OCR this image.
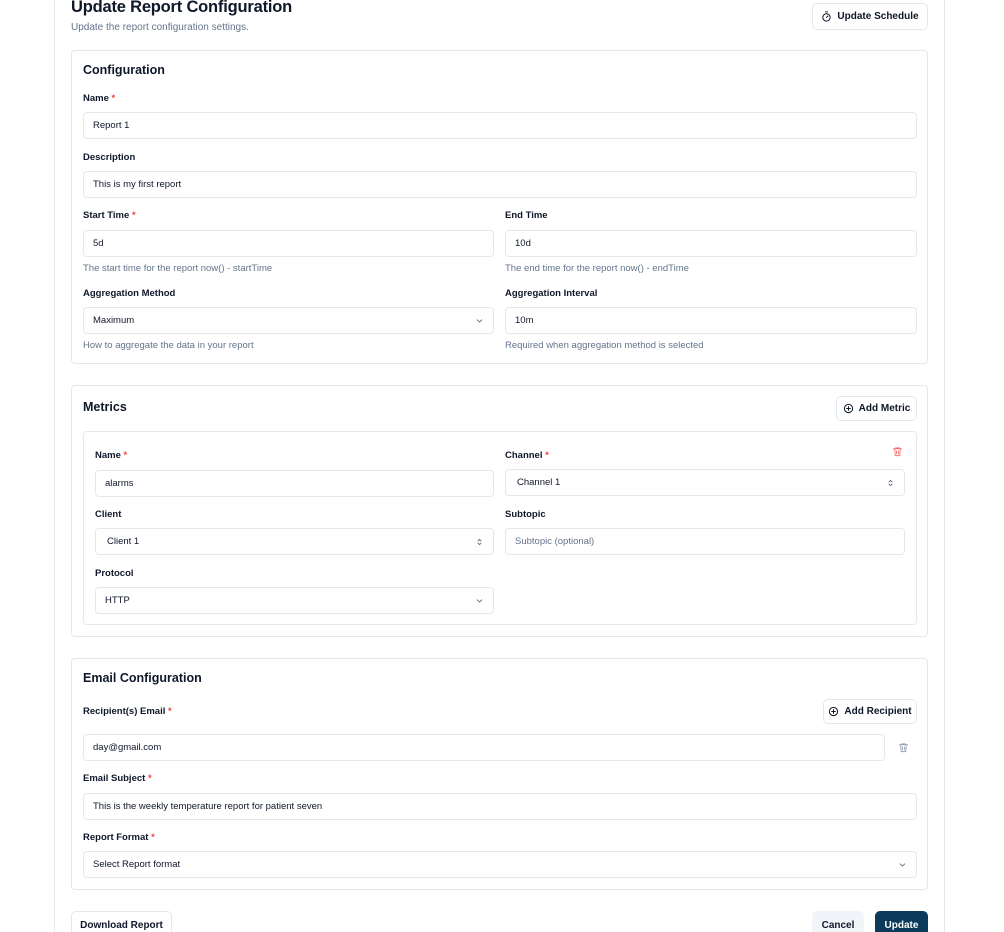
Update Report Configuration
Update the report configuration settings.
Update Schedule
Configuration
Name *
Report 1
Description
This is my first report
Start Time *
5d
The start time for the report now() - startTime
End Time
10d
The end time for the report now() - endTime
Aggregation Method
Maximum
How to aggregate the data in your report
Aggregation Interval
10m
Required when aggregation method is selected
Metrics	Add Metric
Name *
alarms
Channel *
Channel 1
Client
Client 1
Subtopic
Subtopic (optional)
Protocol
HTTP
Email Configuration
Recipient(s) Email *	Add Recipient
day@gmail.com
Email Subject *
This is the weekly temperature report for patient seven
Report Format *
Select Report format
Download Report	Cancel	Update
